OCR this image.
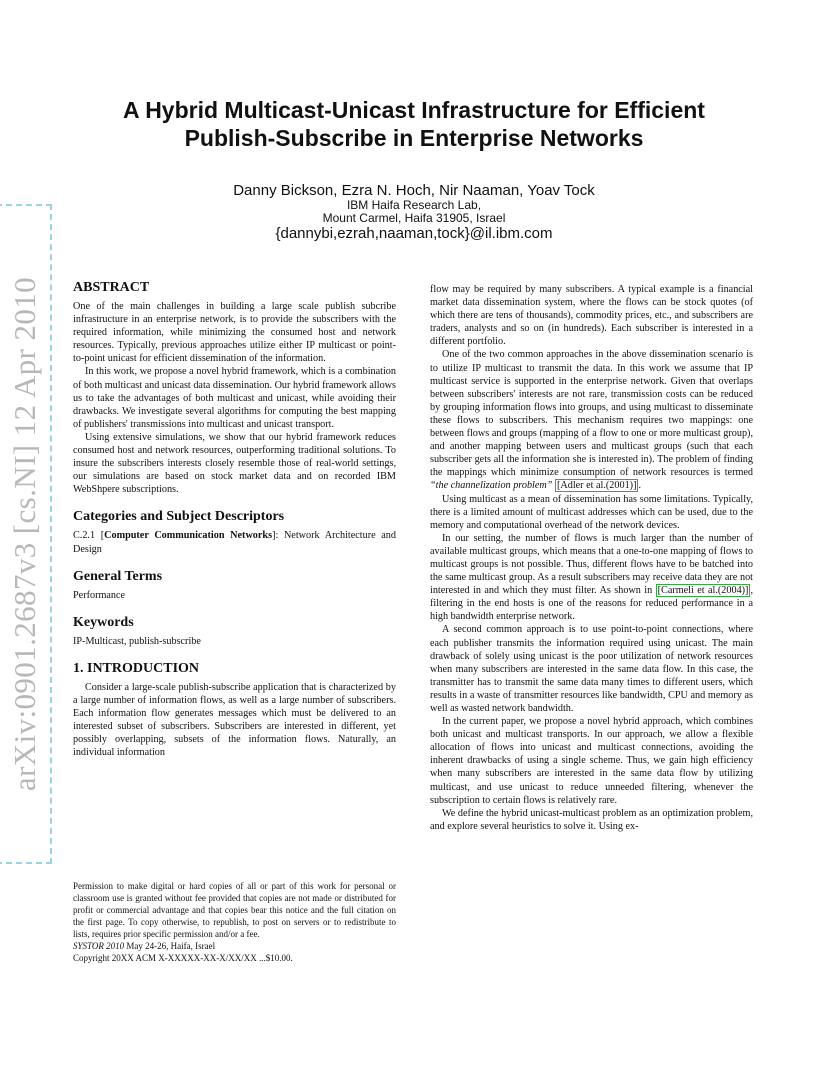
arXiv:0901.2687v3 [cs.NI] 12 Apr 2010
A Hybrid Multicast-Unicast Infrastructure for Efficient
Publish-Subscribe in Enterprise Networks
Danny Bickson, Ezra N. Hoch, Nir Naaman, Yoav Tock
IBM Haifa Research Lab,
Mount Carmel, Haifa 31905, Israel
{dannybi,ezrah,naaman,tock}@il.ibm.com
ABSTRACT

One of the main challenges in building a large scale publish subcribe infrastructure in an enterprise network, is to provide the subscribers with the required information, while minimizing the consumed host and network resources. Typically, previous approaches utilize either IP multicast or point-to-point unicast for efficient dissemination of the information.

In this work, we propose a novel hybrid framework, which is a combination of both multicast and unicast data dissemination. Our hybrid framework allows us to take the advantages of both multicast and unicast, while avoiding their drawbacks. We investigate several algorithms for computing the best mapping of publishers' transmissions into multicast and unicast transport.

Using extensive simulations, we show that our hybrid framework reduces consumed host and network resources, outperforming traditional solutions. To insure the subscribers interests closely resemble those of real-world settings, our simulations are based on stock market data and on recorded IBM WebShpere subscriptions.

Categories and Subject Descriptors

C.2.1 [Computer Communication Networks]: Network Architecture and Design

General Terms

Performance

Keywords

IP-Multicast, publish-subscribe

1. INTRODUCTION

Consider a large-scale publish-subscribe application that is characterized by a large number of information flows, as well as a large number of subscribers. Each information flow generates messages which must be delivered to an interested subset of subscribers. Subscribers are interested in different, yet possibly overlapping, subsets of the information flows. Naturally, an individual information

Permission to make digital or hard copies of all or part of this work for personal or classroom use is granted without fee provided that copies are not made or distributed for profit or commercial advantage and that copies bear this notice and the full citation on the first page. To copy otherwise, to republish, to post on servers or to redistribute to lists, requires prior specific permission and/or a fee.

SYSTOR 2010 May 24-26, Haifa, Israel

Copyright 20XX ACM X-XXXXX-XX-X/XX/XX ...$10.00.

flow may be required by many subscribers. A typical example is a financial market data dissemination system, where the flows can be stock quotes (of which there are tens of thousands), commodity prices, etc., and subscribers are traders, analysts and so on (in hundreds). Each subscriber is interested in a different portfolio.

One of the two common approaches in the above dissemination scenario is to utilize IP multicast to transmit the data. In this work we assume that IP multicast service is supported in the enterprise network. Given that overlaps between subscribers' interests are not rare, transmission costs can be reduced by grouping information flows into groups, and using multicast to disseminate these flows to subscribers. This mechanism requires two mappings: one between flows and groups (mapping of a flow to one or more multicast group), and another mapping between users and multicast groups (such that each subscriber gets all the information she is interested in). The problem of finding the mappings which minimize consumption of network resources is termed “the channelization problem” [Adler et al.(2001)] .

Using multicast as a mean of dissemination has some limitations. Typically, there is a limited amount of multicast addresses which can be used, due to the memory and computational overhead of the network devices.

In our setting, the number of flows is much larger than the number of available multicast groups, which means that a one-to-one mapping of flows to multicast groups is not possible. Thus, different flows have to be batched into the same multicast group. As a result subscribers may receive data they are not interested in and which they must filter. As shown in [Carmeli et al.(2004)] , filtering in the end hosts is one of the reasons for reduced performance in a high bandwidth enterprise network.

A second common approach is to use point-to-point connections, where each publisher transmits the information required using unicast. The main drawback of solely using unicast is the poor utilization of network resources when many subscribers are interested in the same data flow. In this case, the transmitter has to transmit the same data many times to different users, which results in a waste of transmitter resources like bandwidth, CPU and memory as well as wasted network bandwidth.

In the current paper, we propose a novel hybrid approach, which combines both unicast and multicast transports. In our approach, we allow a flexible allocation of flows into unicast and multicast connections, avoiding the inherent drawbacks of using a single scheme. Thus, we gain high efficiency when many subscribers are interested in the same data flow by utilizing multicast, and use unicast to reduce unneeded filtering, whenever the subscription to certain flows is relatively rare.

We define the hybrid unicast-multicast problem as an optimization problem, and explore several heuristics to solve it. Using ex-
